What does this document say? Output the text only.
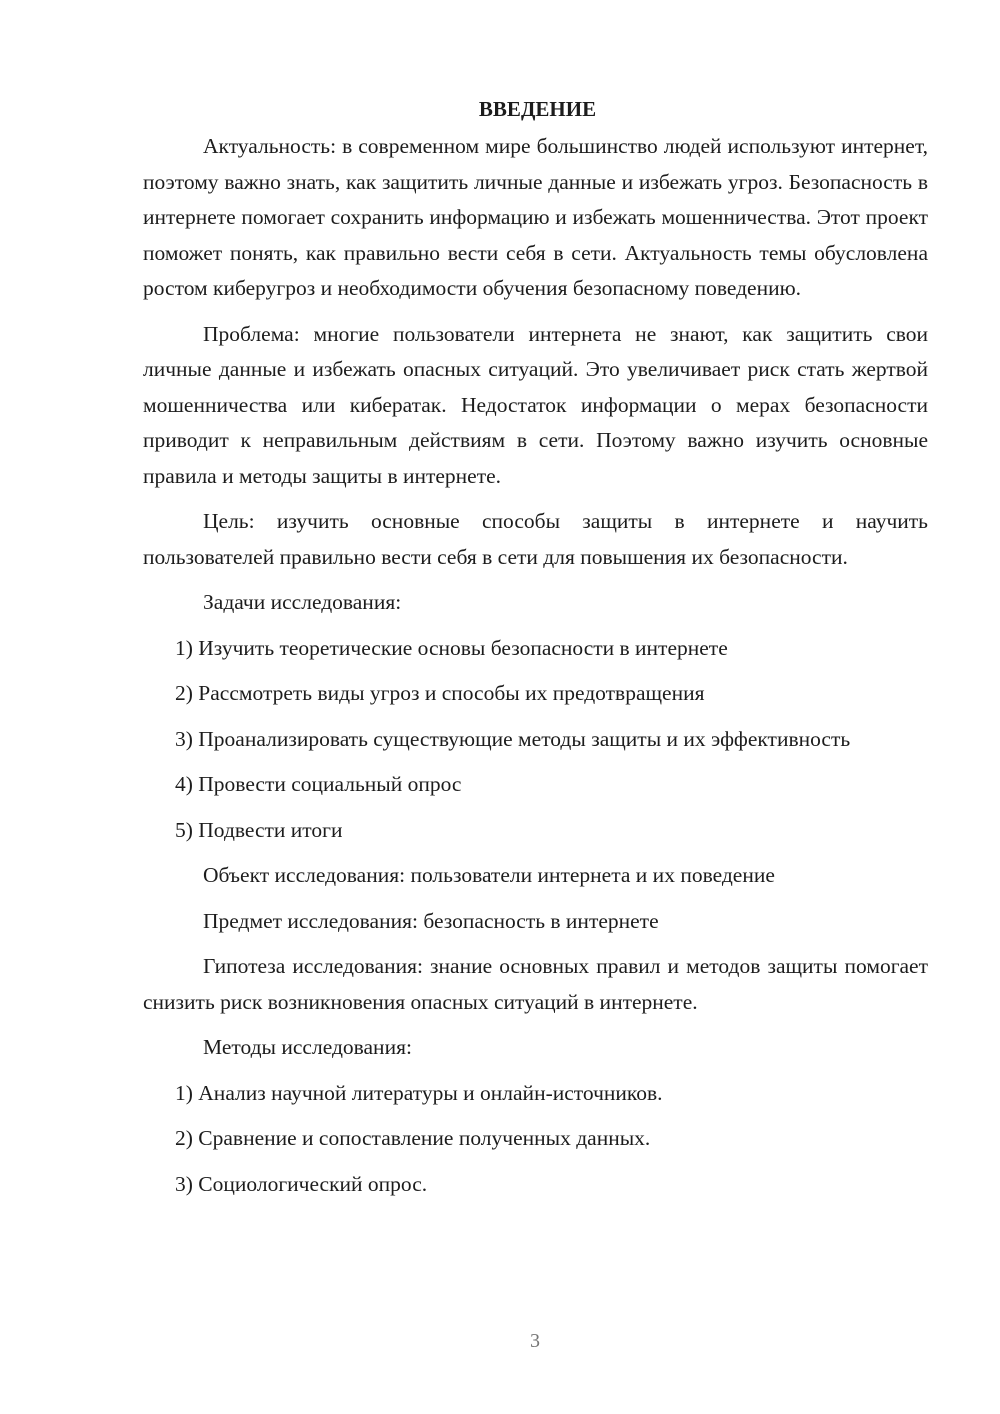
ВВЕДЕНИЕ
Актуальность: в современном мире большинство людей используют интернет, поэтому важно знать, как защитить личные данные и избежать угроз. Безопасность в интернете помогает сохранить информацию и избежать мошенничества. Этот проект поможет понять, как правильно вести себя в сети. Актуальность темы обусловлена ростом киберугроз и необходимости обучения безопасному поведению.
Проблема: многие пользователи интернета не знают, как защитить свои личные данные и избежать опасных ситуаций. Это увеличивает риск стать жертвой мошенничества или кибератак. Недостаток информации о мерах безопасности приводит к неправильным действиям в сети. Поэтому важно изучить основные правила и методы защиты в интернете.
Цель: изучить основные способы защиты в интернете и научить пользователей правильно вести себя в сети для повышения их безопасности.
Задачи исследования:
1) Изучить теоретические основы безопасности в интернете
2) Рассмотреть виды угроз и способы их предотвращения
3) Проанализировать существующие методы защиты и их эффективность
4) Провести социальный опрос
5) Подвести итоги
Объект исследования: пользователи интернета и их поведение
Предмет исследования: безопасность в интернете
Гипотеза исследования: знание основных правил и методов защиты помогает снизить риск возникновения опасных ситуаций в интернете.
Методы исследования:
1) Анализ научной литературы и онлайн-источников.
2) Сравнение и сопоставление полученных данных.
3) Социологический опрос.
3
